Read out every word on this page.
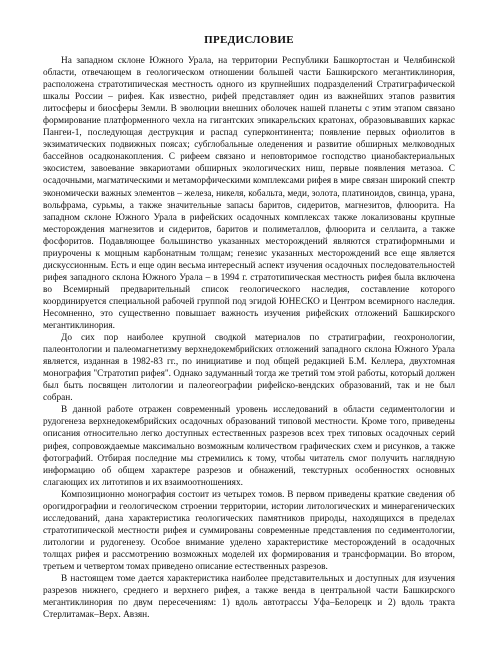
ПРЕДИСЛОВИЕ

На западном склоне Южного Урала, на территории Республики Башкортостан и Челябинской области, отвечающем в геологическом отношении большей части Башкирского мегантиклинория, расположена стратотипическая местность одного из крупнейших подразделений Стратиграфической шкалы России – рифея. Как известно, рифей представляет один из важнейших этапов развития литосферы и биосферы Земли. В эволюции внешних оболочек нашей планеты с этим этапом связано формирование платформенного чехла на гигантских эпикарельских кратонах, образовывавших каркас Пангеи-1, последующая деструкция и распад суперконтинента; появление первых офиолитов в экзиматических подвижных поясах; субглобальные оледенения и развитие обширных мелководных бассейнов осадконакопления. С рифеем связано и неповторимое господство цианобактериальных экосистем, завоевание эвкариотами обширных экологических ниш, первые появления метазоа. С осадочными, магматическими и метаморфическими комплексами рифея в мире связан широкий спектр экономически важных элементов – железа, никеля, кобальта, меди, золота, платиноидов, свинца, урана, вольфрама, сурьмы, а также значительные запасы баритов, сидеритов, магнезитов, флюорита. На западном склоне Южного Урала в рифейских осадочных комплексах также локализованы крупные месторождения магнезитов и сидеритов, баритов и полиметаллов, флюорита и селлаита, а также фосфоритов. Подавляющее большинство указанных месторождений являются стратиформными и приурочены к мощным карбонатным толщам; генезис указанных месторождений все еще является дискуссионным. Есть и еще один весьма интересный аспект изучения осадочных последовательностей рифея западного склона Южного Урала – в 1994 г. стратотипическая местность рифея была включена во Всемирный предварительный список геологического наследия, составление которого координируется специальной рабочей группой под эгидой ЮНЕСКО и Центром всемирного наследия. Несомненно, это существенно повышает важность изучения рифейских отложений Башкирского мегантиклинория.

До сих пор наиболее крупной сводкой материалов по стратиграфии, геохронологии, палеонтологии и палеомагнетизму верхнедокембрийских отложений западного склона Южного Урала является, изданная в 1982-83 гг., по инициативе и под общей редакцией Б.М. Келлера, двухтомная монография "Стратотип рифея". Однако задуманный тогда же третий том этой работы, который должен был быть посвящен литологии и палеогеографии рифейско-вендских образований, так и не был собран.

В данной работе отражен современный уровень исследований в области седиментологии и рудогенеза верхнедокембрийских осадочных образований типовой местности. Кроме того, приведены описания относительно легко доступных естественных разрезов всех трех типовых осадочных серий рифея, сопровождаемые максимально возможным количеством графических схем и рисунков, а также фотографий. Отбирая последние мы стремились к тому, чтобы читатель смог получить наглядную информацию об общем характере разрезов и обнажений, текстурных особенностях основных слагающих их литотипов и их взаимоотношениях.

Композиционно монография состоит из четырех томов. В первом приведены краткие сведения об орогидрографии и геологическом строении территории, истории литологических и минерагенических исследований, дана характеристика геологических памятников природы, находящихся в пределах стратотипической местности рифея и суммированы современные представления по седиментологии, литологии и рудогенезу. Особое внимание уделено характеристике месторождений в осадочных толщах рифея и рассмотрению возможных моделей их формирования и трансформации. Во втором, третьем и четвертом томах приведено описание естественных разрезов.

В настоящем томе дается характеристика наиболее представительных и доступных для изучения разрезов нижнего, среднего и верхнего рифея, а также венда в центральной части Башкирского мегантиклинория по двум пересечениям: 1) вдоль автотрассы Уфа–Белорецк и 2) вдоль тракта Стерлитамак–Верх. Авзян.
